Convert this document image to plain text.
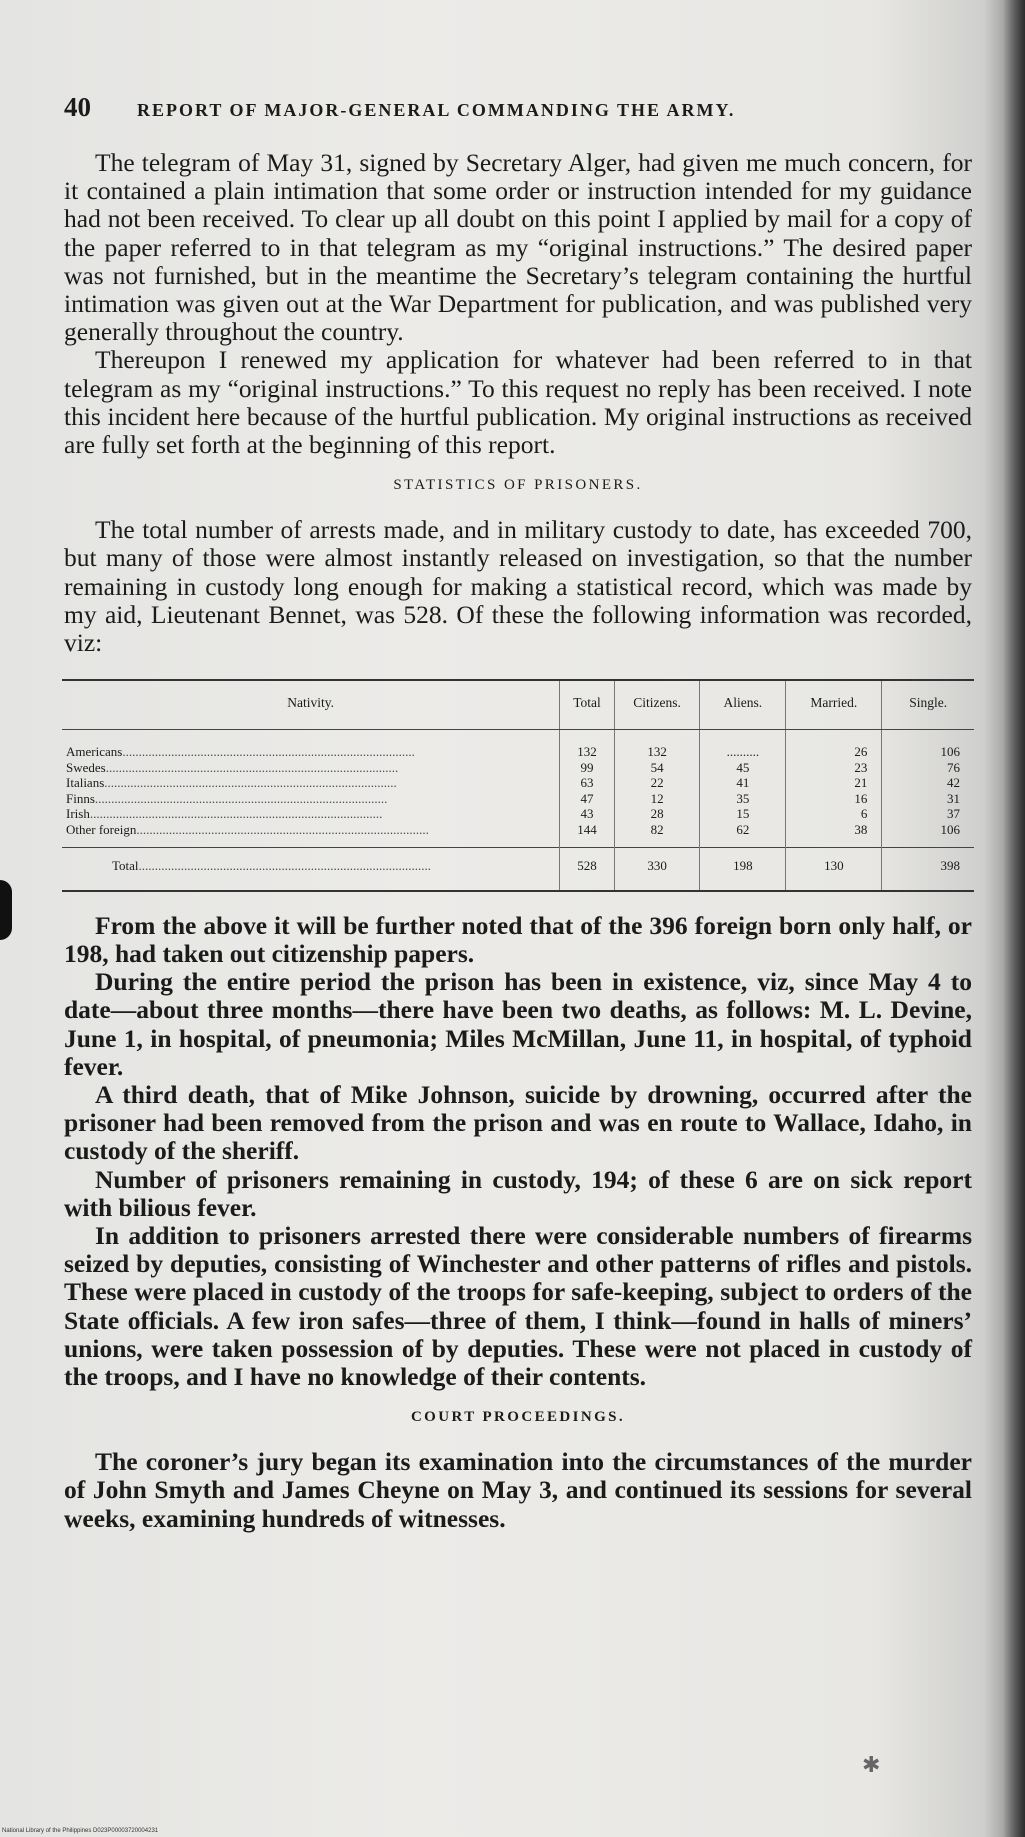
40	REPORT OF MAJOR-GENERAL COMMANDING THE ARMY.

The telegram of May 31, signed by Secretary Alger, had given me much concern, for it contained a plain intimation that some order or instruction intended for my guidance had not been received. To clear up all doubt on this point I applied by mail for a copy of the paper referred to in that telegram as my “original instructions.” The desired paper was not furnished, but in the meantime the Secretary’s telegram containing the hurtful intimation was given out at the War Department for publication, and was published very generally throughout the country.

Thereupon I renewed my application for whatever had been referred to in that telegram as my “original instructions.” To this request no reply has been received. I note this incident here because of the hurtful publication. My original instructions as received are fully set forth at the beginning of this report.

STATISTICS OF PRISONERS.

The total number of arrests made, and in military custody to date, has exceeded 700, but many of those were almost instantly released on investigation, so that the number remaining in custody long enough for making a statistical record, which was made by my aid, Lieutenant Bennet, was 528. Of these the following information was recorded, viz:

Nativity.	Total	Citizens.	Aliens.	Married.	Single.

Americans ..........................................................................................	132	132	..........	26	106

Swedes ..........................................................................................	99	54	45	23	76

Italians ..........................................................................................	63	22	41	21	42

Finns ..........................................................................................	47	12	35	16	31

Irish ..........................................................................................	43	28	15	6	37

Other foreign ..........................................................................................	144	82	62	38	106

Total ..........................................................................................	528	330	198	130	398

From the above it will be further noted that of the 396 foreign born only half, or 198, had taken out citizenship papers.

During the entire period the prison has been in existence, viz, since May 4 to date—about three months—there have been two deaths, as follows: M. L. Devine, June 1, in hospital, of pneumonia; Miles McMillan, June 11, in hospital, of typhoid fever.

A third death, that of Mike Johnson, suicide by drowning, occurred after the prisoner had been removed from the prison and was en route to Wallace, Idaho, in custody of the sheriff.

Number of prisoners remaining in custody, 194; of these 6 are on sick report with bilious fever.

In addition to prisoners arrested there were considerable numbers of firearms seized by deputies, consisting of Winchester and other patterns of rifles and pistols. These were placed in custody of the troops for safe-keeping, subject to orders of the State officials. A few iron safes—three of them, I think—found in halls of miners’ unions, were taken possession of by deputies. These were not placed in custody of the troops, and I have no knowledge of their contents.

COURT PROCEEDINGS.

The coroner’s jury began its examination into the circumstances of the murder of John Smyth and James Cheyne on May 3, and continued its sessions for several weeks, examining hundreds of witnesses.

✱
National Library of the Philippines D023P00003720004231
